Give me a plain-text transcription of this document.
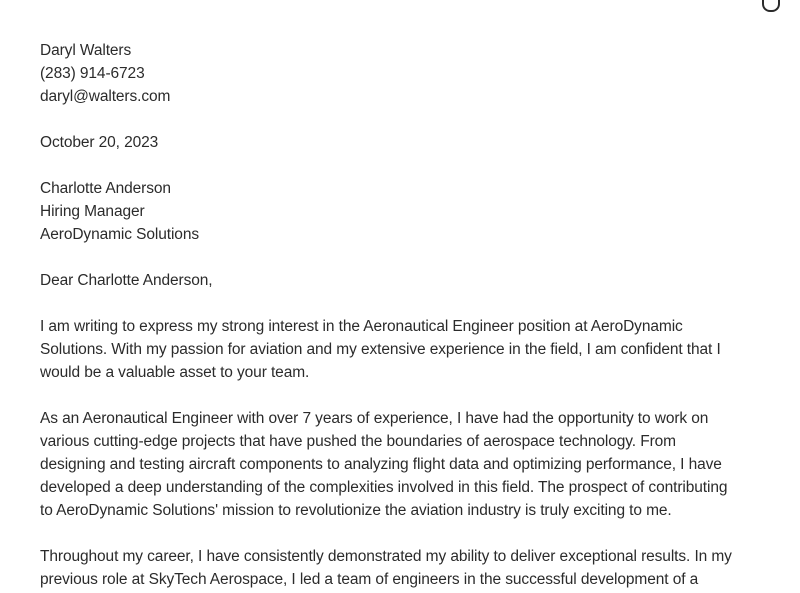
Daryl Walters
(283) 914-6723
daryl@walters.com
October 20, 2023
Charlotte Anderson
Hiring Manager
AeroDynamic Solutions
Dear Charlotte Anderson,
I am writing to express my strong interest in the Aeronautical Engineer position at AeroDynamic
Solutions. With my passion for aviation and my extensive experience in the field, I am confident that I
would be a valuable asset to your team.
As an Aeronautical Engineer with over 7 years of experience, I have had the opportunity to work on
various cutting-edge projects that have pushed the boundaries of aerospace technology. From
designing and testing aircraft components to analyzing flight data and optimizing performance, I have
developed a deep understanding of the complexities involved in this field. The prospect of contributing
to AeroDynamic Solutions' mission to revolutionize the aviation industry is truly exciting to me.
Throughout my career, I have consistently demonstrated my ability to deliver exceptional results. In my
previous role at SkyTech Aerospace, I led a team of engineers in the successful development of a
